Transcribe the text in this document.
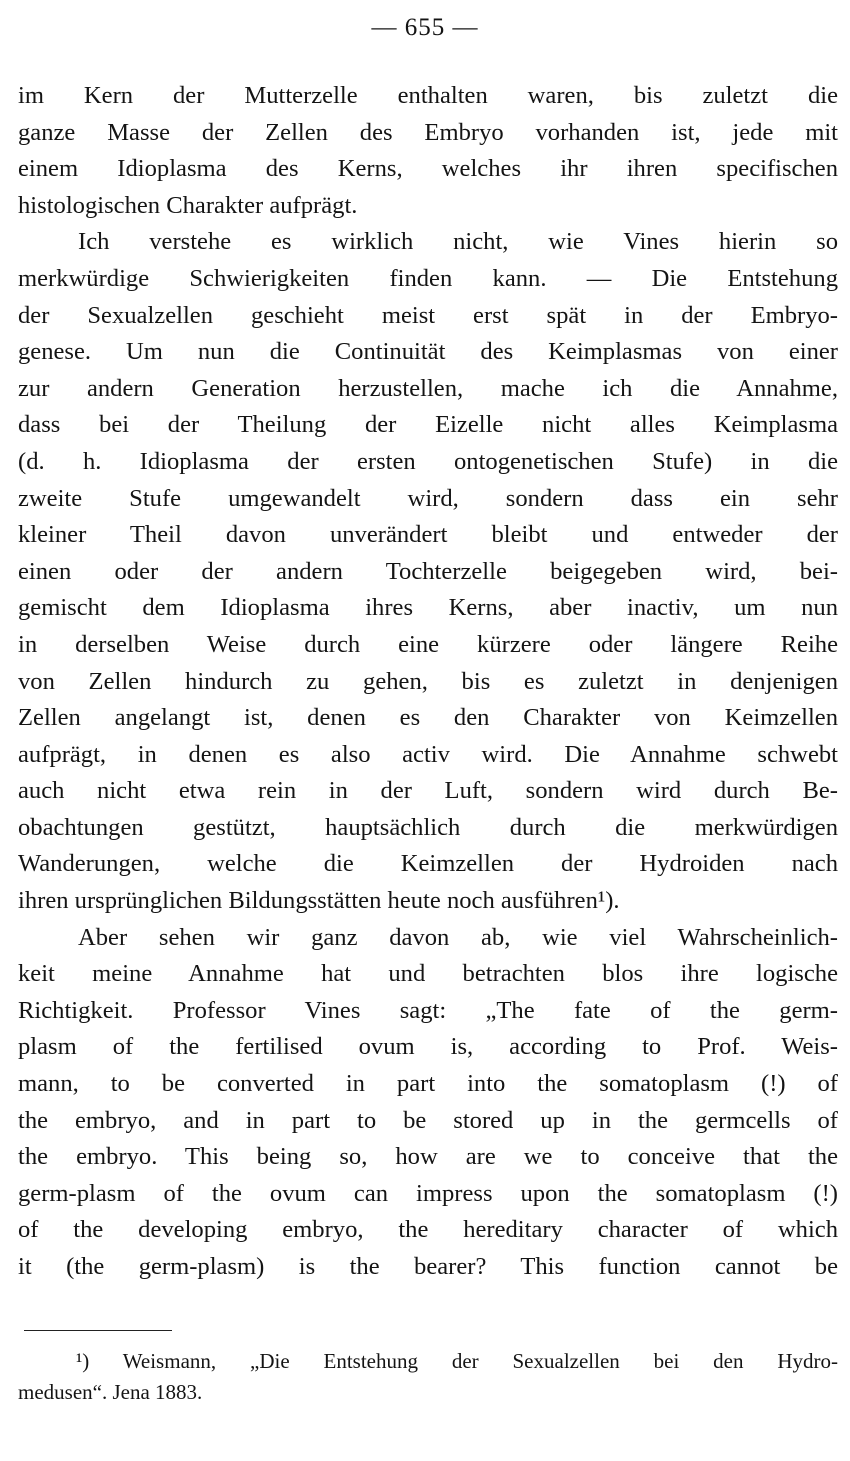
— 655 —
im Kern der Mutterzelle enthalten waren, bis zuletzt die
ganze Masse der Zellen des Embryo vorhanden ist, jede mit
einem Idioplasma des Kerns, welches ihr ihren specifischen
histologischen Charakter aufprägt.
Ich verstehe es wirklich nicht, wie Vines hierin so
merkwürdige Schwierigkeiten finden kann. — Die Entstehung
der Sexualzellen geschieht meist erst spät in der Embryo-
genese. Um nun die Continuität des Keimplasmas von einer
zur andern Generation herzustellen, mache ich die Annahme,
dass bei der Theilung der Eizelle nicht alles Keimplasma
(d. h. Idioplasma der ersten ontogenetischen Stufe) in die
zweite Stufe umgewandelt wird, sondern dass ein sehr
kleiner Theil davon unverändert bleibt und entweder der
einen oder der andern Tochterzelle beigegeben wird, bei-
gemischt dem Idioplasma ihres Kerns, aber inactiv, um nun
in derselben Weise durch eine kürzere oder längere Reihe
von Zellen hindurch zu gehen, bis es zuletzt in denjenigen
Zellen angelangt ist, denen es den Charakter von Keimzellen
aufprägt, in denen es also activ wird. Die Annahme schwebt
auch nicht etwa rein in der Luft, sondern wird durch Be-
obachtungen gestützt, hauptsächlich durch die merkwürdigen
Wanderungen, welche die Keimzellen der Hydroiden nach
ihren ursprünglichen Bildungsstätten heute noch ausführen¹).
Aber sehen wir ganz davon ab, wie viel Wahrscheinlich-
keit meine Annahme hat und betrachten blos ihre logische
Richtigkeit. Professor Vines sagt: „The fate of the germ-
plasm of the fertilised ovum is, according to Prof. Weis-
mann, to be converted in part into the somatoplasm (!) of
the embryo, and in part to be stored up in the germcells of
the embryo. This being so, how are we to conceive that the
germ-plasm of the ovum can impress upon the somatoplasm (!)
of the developing embryo, the hereditary character of which
it (the germ-plasm) is the bearer? This function cannot be
¹) Weismann, „Die Entstehung der Sexualzellen bei den Hydro-
medusen“. Jena 1883.
